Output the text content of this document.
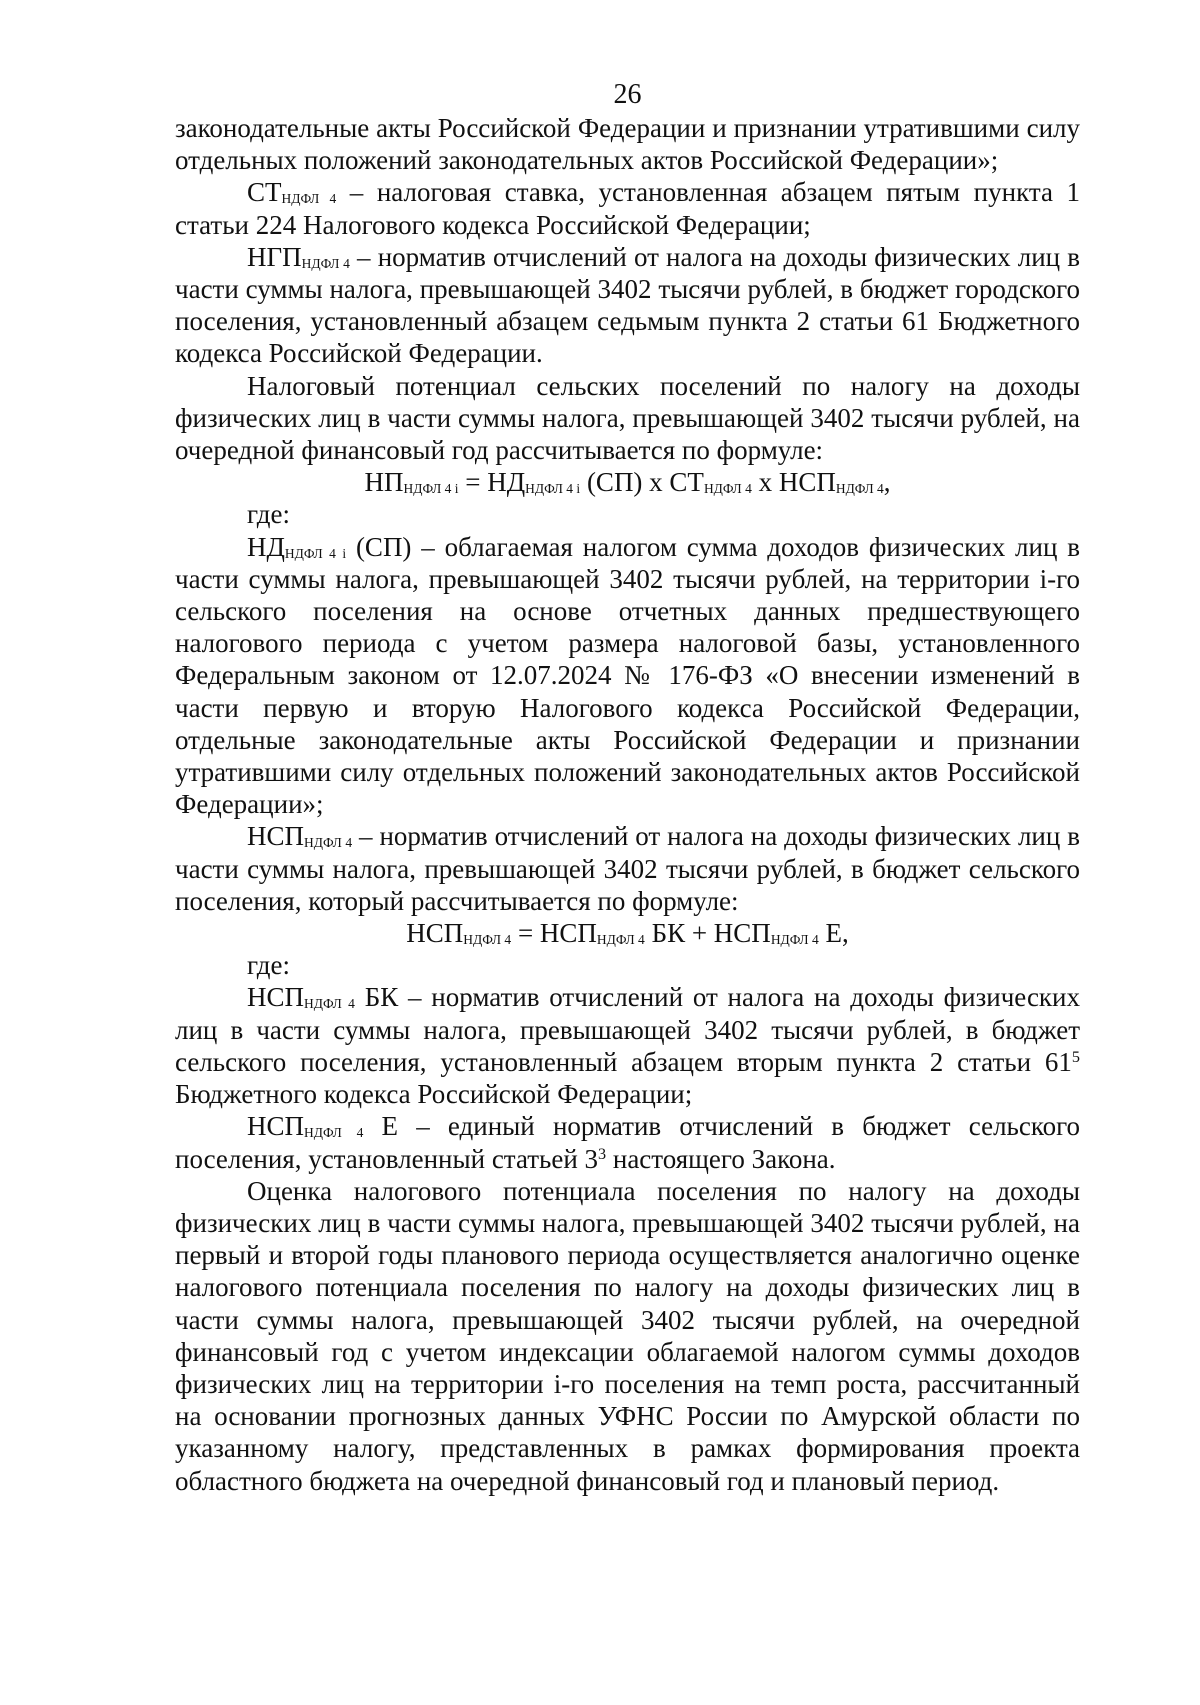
26

законодательные акты Российской Федерации и признании утратившими силу отдельных положений законодательных актов Российской Федерации»;

$СТ_{НДФЛ 4}$ – налоговая ставка, установленная абзацем пятым пункта 1 статьи 224 Налогового кодекса Российской Федерации;

$НГП_{НДФЛ 4}$ – норматив отчислений от налога на доходы физических лиц в части суммы налога, превышающей 3402 тысячи рублей, в бюджет городского поселения, установленный абзацем седьмым пункта 2 статьи 61 Бюджетного кодекса Российской Федерации.

Налоговый потенциал сельских поселений по налогу на доходы физических лиц в части суммы налога, превышающей 3402 тысячи рублей, на очередной финансовый год рассчитывается по формуле:

$НП_{НДФЛ 4 i} = НД_{НДФЛ 4 i}$ (СП) х $СТ_{НДФЛ 4}$ х $НСП_{НДФЛ 4}$,

где:

$НД_{НДФЛ 4 i}$ (СП) – облагаемая налогом сумма доходов физических лиц в части суммы налога, превышающей 3402 тысячи рублей, на территории i-го сельского поселения на основе отчетных данных предшествующего налогового периода с учетом размера налоговой базы, установленного Федеральным законом от 12.07.2024 № 176-ФЗ «О внесении изменений в части первую и вторую Налогового кодекса Российской Федерации, отдельные законодательные акты Российской Федерации и признании утратившими силу отдельных положений законодательных актов Российской Федерации»;

$НСП_{НДФЛ 4}$ – норматив отчислений от налога на доходы физических лиц в части суммы налога, превышающей 3402 тысячи рублей, в бюджет сельского поселения, который рассчитывается по формуле:

$НСП_{НДФЛ 4} = НСП_{НДФЛ 4}$ БК + $НСП_{НДФЛ 4}$ Е,

где:

$НСП_{НДФЛ 4}$ БК – норматив отчислений от налога на доходы физических лиц в части суммы налога, превышающей 3402 тысячи рублей, в бюджет сельского поселения, установленный абзацем вторым пункта 2 статьи $61^5$ Бюджетного кодекса Российской Федерации;

$НСП_{НДФЛ 4}$ Е – единый норматив отчислений в бюджет сельского поселения, установленный статьей $3^3$ настоящего Закона.

Оценка налогового потенциала поселения по налогу на доходы физических лиц в части суммы налога, превышающей 3402 тысячи рублей, на первый и второй годы планового периода осуществляется аналогично оценке налогового потенциала поселения по налогу на доходы физических лиц в части суммы налога, превышающей 3402 тысячи рублей, на очередной финансовый год с учетом индексации облагаемой налогом суммы доходов физических лиц на территории i-го поселения на темп роста, рассчитанный на основании прогнозных данных УФНС России по Амурской области по указанному налогу, представленных в рамках формирования проекта областного бюджета на очередной финансовый год и плановый период.
